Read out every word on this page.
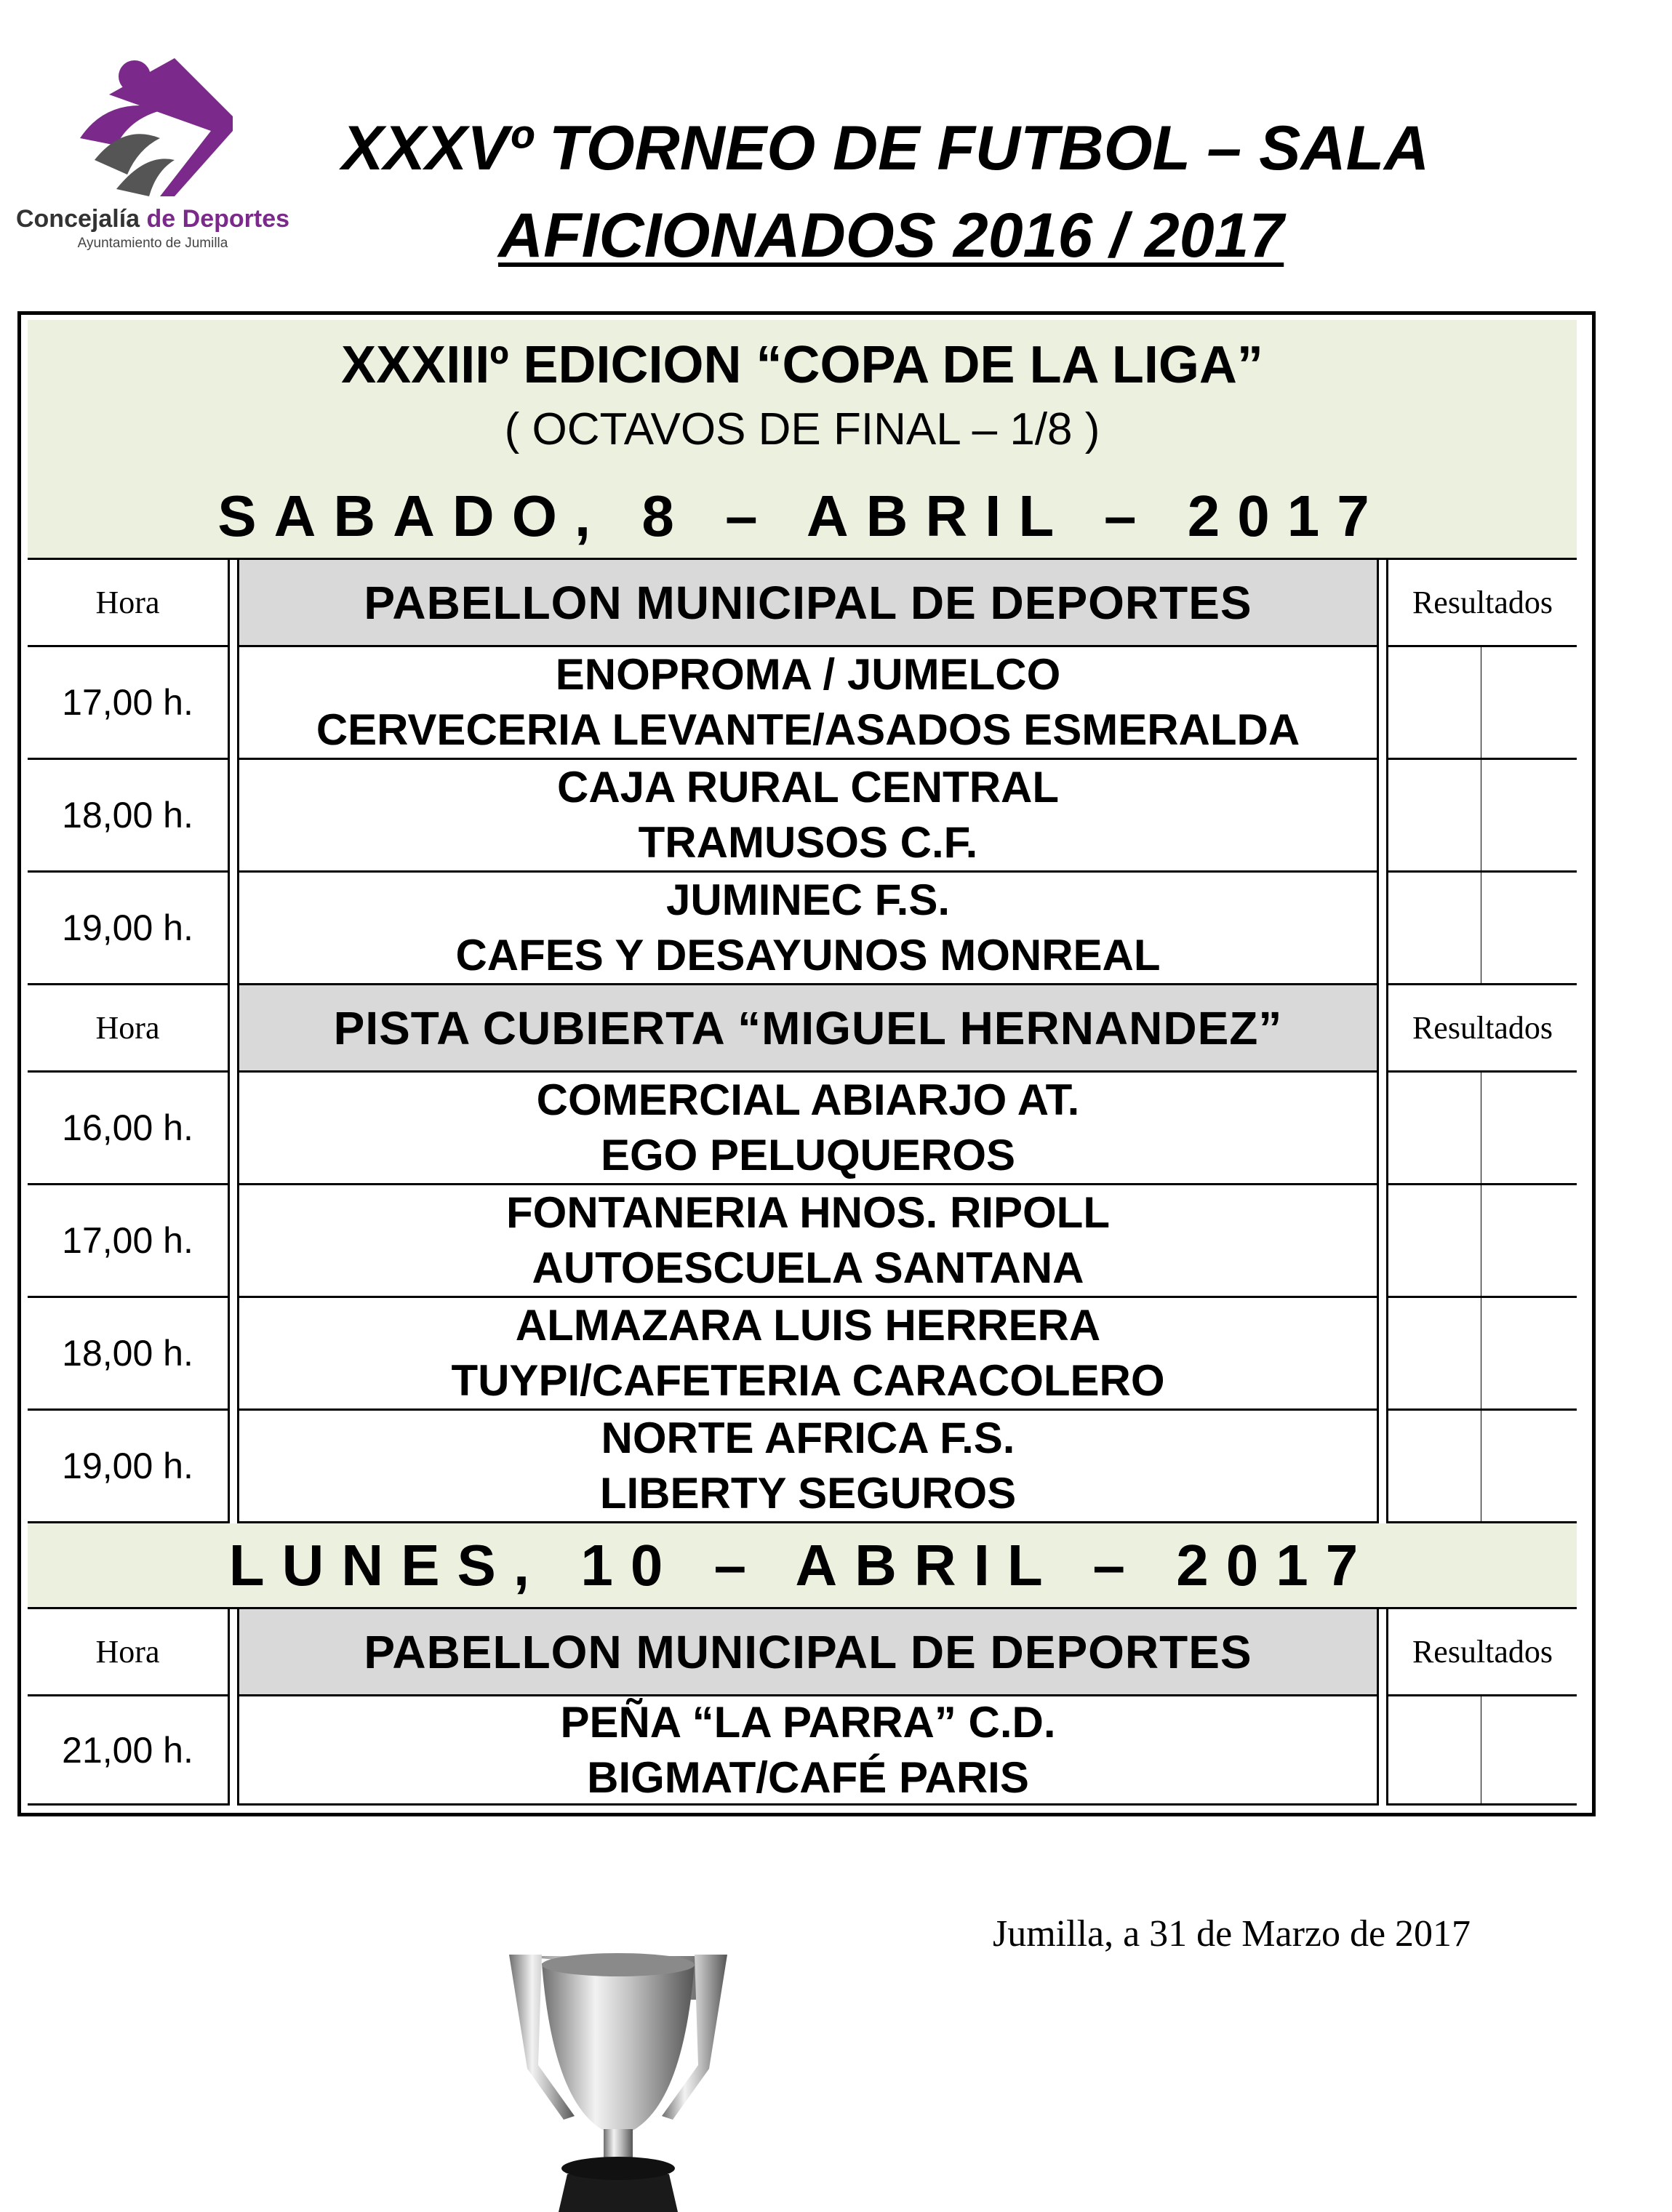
Concejalía de Deportes
Ayuntamiento de Jumilla
XXXVº TORNEO DE FUTBOL – SALA
AFICIONADOS 2016 / 2017
XXXIIIº EDICION “COPA DE LA LIGA”
( OCTAVOS DE FINAL – 1/8 )
SABADO, 8 – ABRIL – 2017
Hora	PABELLON MUNICIPAL DE DEPORTES	Resultados
17,00 h.
ENOPROMA / JUMELCO
CERVECERIA LEVANTE/ASADOS ESMERALDA
18,00 h.
CAJA RURAL CENTRAL
TRAMUSOS C.F.
19,00 h.
JUMINEC F.S.
CAFES Y DESAYUNOS MONREAL
Hora	PISTA CUBIERTA “MIGUEL HERNANDEZ”	Resultados
16,00 h.
COMERCIAL ABIARJO AT.
EGO PELUQUEROS
17,00 h.
FONTANERIA HNOS. RIPOLL
AUTOESCUELA SANTANA
18,00 h.
ALMAZARA LUIS HERRERA
TUYPI/CAFETERIA CARACOLERO
19,00 h.
NORTE AFRICA F.S.
LIBERTY SEGUROS
LUNES, 10 – ABRIL – 2017
Hora	PABELLON MUNICIPAL DE DEPORTES	Resultados
21,00 h.
PEÑA “LA PARRA” C.D.
BIGMAT/CAFÉ PARIS
Jumilla, a 31 de Marzo de 2017
